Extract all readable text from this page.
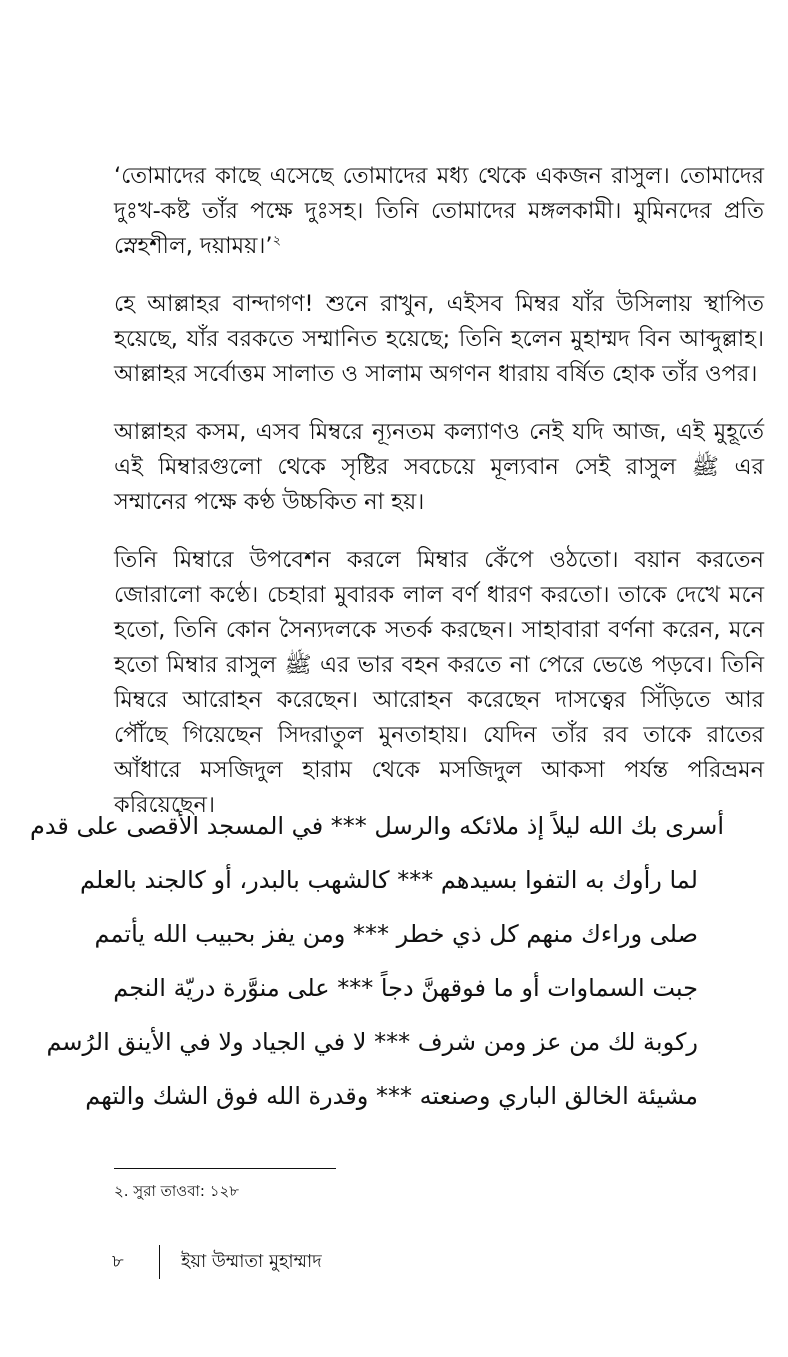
‘তোমাদের কাছে এসেছে তোমাদের মধ্য থেকে একজন রাসুল। তোমাদের দুঃখ-কষ্ট তাঁর পক্ষে দুঃসহ। তিনি তোমাদের মঙ্গলকামী। মুমিনদের প্রতি স্নেহশীল, দয়াময়।’$^২$

হে আল্লাহর বান্দাগণ! শুনে রাখুন, এইসব মিম্বর যাঁর উসিলায় স্থাপিত হয়েছে, যাঁর বরকতে সম্মানিত হয়েছে; তিনি হলেন মুহাম্মদ বিন আব্দুল্লাহ। আল্লাহর সর্বোত্তম সালাত ও সালাম অগণন ধারায় বর্ষিত হোক তাঁর ওপর।

আল্লাহর কসম, এসব মিম্বরে ন্যূনতম কল্যাণও নেই যদি আজ, এই মুহূর্তে এই মিম্বারগুলো থেকে সৃষ্টির সবচেয়ে মূল্যবান সেই রাসুল ﷺ এর সম্মানের পক্ষে কণ্ঠ উচ্চকিত না হয়।

তিনি মিম্বারে উপবেশন করলে মিম্বার কেঁপে ওঠতো। বয়ান করতেন জোরালো কণ্ঠে। চেহারা মুবারক লাল বর্ণ ধারণ করতো। তাকে দেখে মনে হতো, তিনি কোন সৈন্যদলকে সতর্ক করছেন। সাহাবারা বর্ণনা করেন, মনে হতো মিম্বার রাসুল ﷺ এর ভার বহন করতে না পেরে ভেঙে পড়বে। তিনি মিম্বরে আরোহন করেছেন। আরোহন করেছেন দাসত্বের সিঁড়িতে আর পৌঁছে গিয়েছেন সিদরাতুল মুনতাহায়। যেদিন তাঁর রব তাকে রাতের আঁধারে মসজিদুল হারাম থেকে মসজিদুল আকসা পর্যন্ত পরিভ্রমন করিয়েছেন।

أسرى بك الله ليلاً إذ ملائكه والرسل *** في المسجد الأقصى على قدم
لما رأوك به التفوا بسيدهم *** كالشهب بالبدر، أو كالجند بالعلم
صلى وراءك منهم كل ذي خطر *** ومن يفز بحبيب الله يأتمم
جبت السماوات أو ما فوقهنَّ دجاً *** على منوَّرة دريّة النجم
ركوبة لك من عز ومن شرف *** لا في الجياد ولا في الأينق الرُسم
مشيئة الخالق الباري وصنعته *** وقدرة الله فوق الشك والتهم
২. সুরা তাওবা: ১২৮
৮	ইয়া উম্মাতা মুহাম্মাদ
